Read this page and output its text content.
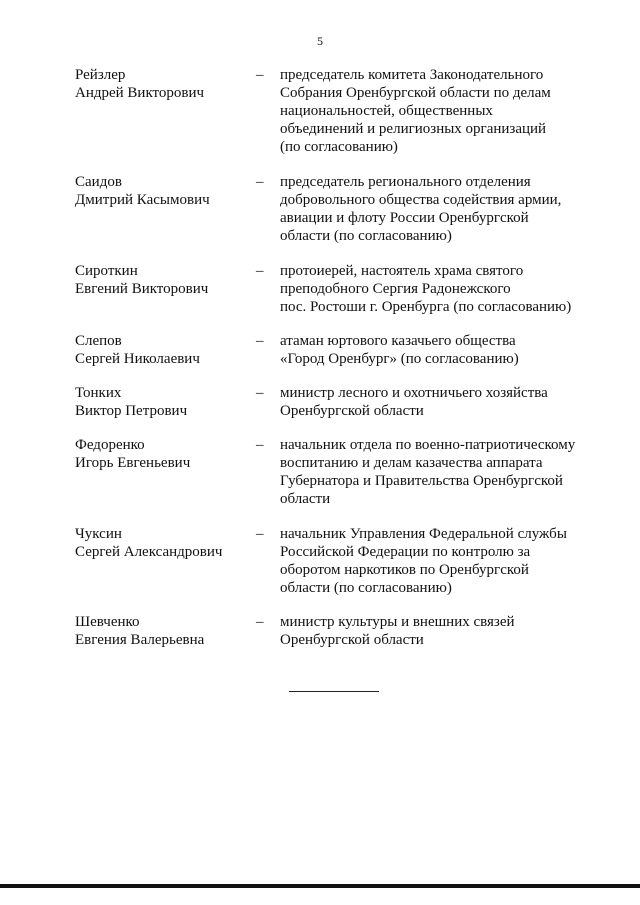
5
Рейзлер
Андрей Викторович
– председатель комитета Законодательного
Собрания Оренбургской области по делам
национальностей, общественных
объединений и религиозных организаций
(по согласованию)
Саидов
Дмитрий Касымович
– председатель регионального отделения
добровольного общества содействия армии,
авиации и флоту России Оренбургской
области (по согласованию)
Сироткин
Евгений Викторович
– протоиерей, настоятель храма святого
преподобного Сергия Радонежского
пос. Ростоши г. Оренбурга (по согласованию)
Слепов
Сергей Николаевич
– атаман юртового казачьего общества
«Город Оренбург» (по согласованию)
Тонких
Виктор Петрович
– министр лесного и охотничьего хозяйства
Оренбургской области
Федоренко
Игорь Евгеньевич
– начальник отдела по военно-патриотическому
воспитанию и делам казачества аппарата
Губернатора и Правительства Оренбургской
области
Чуксин
Сергей Александрович
– начальник Управления Федеральной службы
Российской Федерации по контролю за
оборотом наркотиков по Оренбургской
области (по согласованию)
Шевченко
Евгения Валерьевна
– министр культуры и внешних связей
Оренбургской области
